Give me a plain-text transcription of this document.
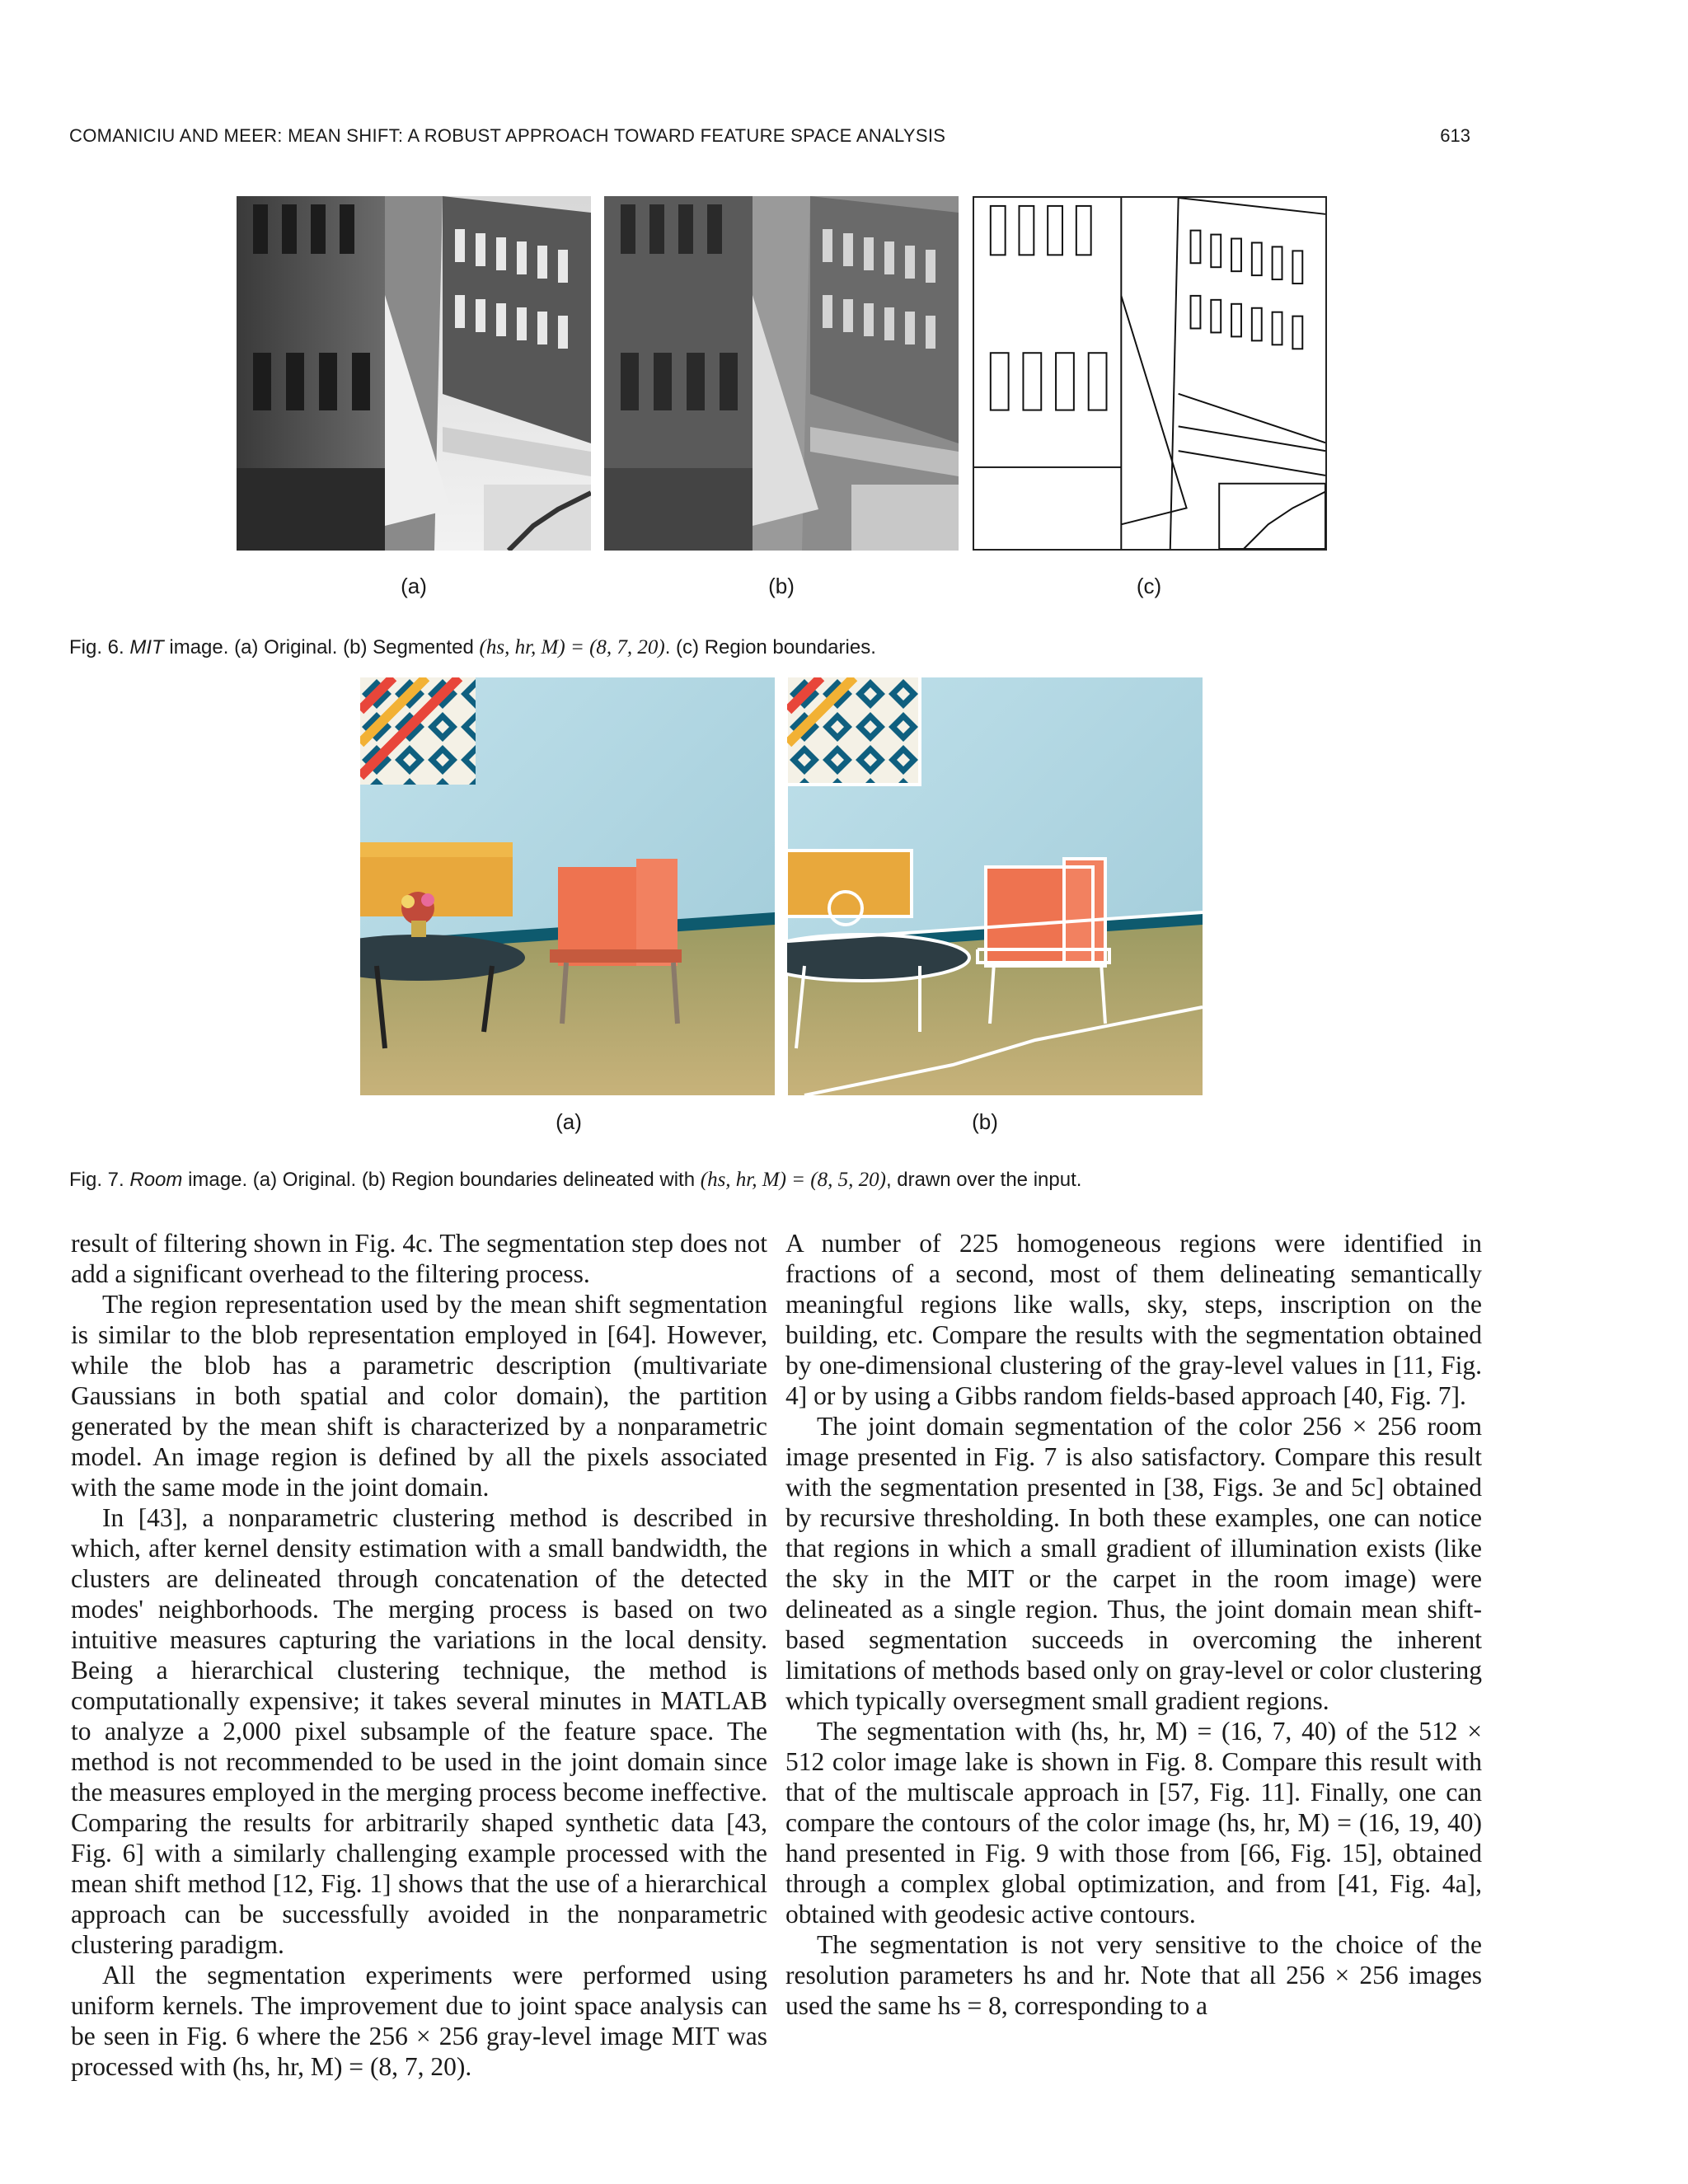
COMANICIU AND MEER: MEAN SHIFT: A ROBUST APPROACH TOWARD FEATURE SPACE ANALYSIS	613
(a)	(b)	(c)
Fig. 6. MIT image. (a) Original. (b) Segmented (hs, hr, M) = (8, 7, 20). (c) Region boundaries.
(a)	(b)
Fig. 7. Room image. (a) Original. (b) Region boundaries delineated with (hs, hr, M) = (8, 5, 20), drawn over the input.

result of filtering shown in Fig. 4c. The segmentation step does not add a significant overhead to the filtering process.

The region representation used by the mean shift segmentation is similar to the blob representation employed in [64]. However, while the blob has a parametric description (multivariate Gaussians in both spatial and color domain), the partition generated by the mean shift is characterized by a nonparametric model. An image region is defined by all the pixels associated with the same mode in the joint domain.

In [43], a nonparametric clustering method is described in which, after kernel density estimation with a small bandwidth, the clusters are delineated through concatenation of the detected modes' neighborhoods. The merging process is based on two intuitive measures capturing the variations in the local density. Being a hierarchical clustering technique, the method is computationally expensive; it takes several minutes in MATLAB to analyze a 2,000 pixel subsample of the feature space. The method is not recommended to be used in the joint domain since the measures employed in the merging process become ineffective. Comparing the results for arbitrarily shaped synthetic data [43, Fig. 6] with a similarly challenging example processed with the mean shift method [12, Fig. 1] shows that the use of a hierarchical approach can be successfully avoided in the nonparametric clustering paradigm.

All the segmentation experiments were performed using uniform kernels. The improvement due to joint space analysis can be seen in Fig. 6 where the 256 × 256 gray-level image MIT was processed with (hs, hr, M) = (8, 7, 20).

A number of 225 homogeneous regions were identified in fractions of a second, most of them delineating semantically meaningful regions like walls, sky, steps, inscription on the building, etc. Compare the results with the segmentation obtained by one-dimensional clustering of the gray-level values in [11, Fig. 4] or by using a Gibbs random fields-based approach [40, Fig. 7].

The joint domain segmentation of the color 256 × 256 room image presented in Fig. 7 is also satisfactory. Compare this result with the segmentation presented in [38, Figs. 3e and 5c] obtained by recursive thresholding. In both these examples, one can notice that regions in which a small gradient of illumination exists (like the sky in the MIT or the carpet in the room image) were delineated as a single region. Thus, the joint domain mean shift-based segmentation succeeds in overcoming the inherent limitations of methods based only on gray-level or color clustering which typically oversegment small gradient regions.

The segmentation with (hs, hr, M) = (16, 7, 40) of the 512 × 512 color image lake is shown in Fig. 8. Compare this result with that of the multiscale approach in [57, Fig. 11]. Finally, one can compare the contours of the color image (hs, hr, M) = (16, 19, 40) hand presented in Fig. 9 with those from [66, Fig. 15], obtained through a complex global optimization, and from [41, Fig. 4a], obtained with geodesic active contours.

The segmentation is not very sensitive to the choice of the resolution parameters hs and hr. Note that all 256 × 256 images used the same hs = 8, corresponding to a
